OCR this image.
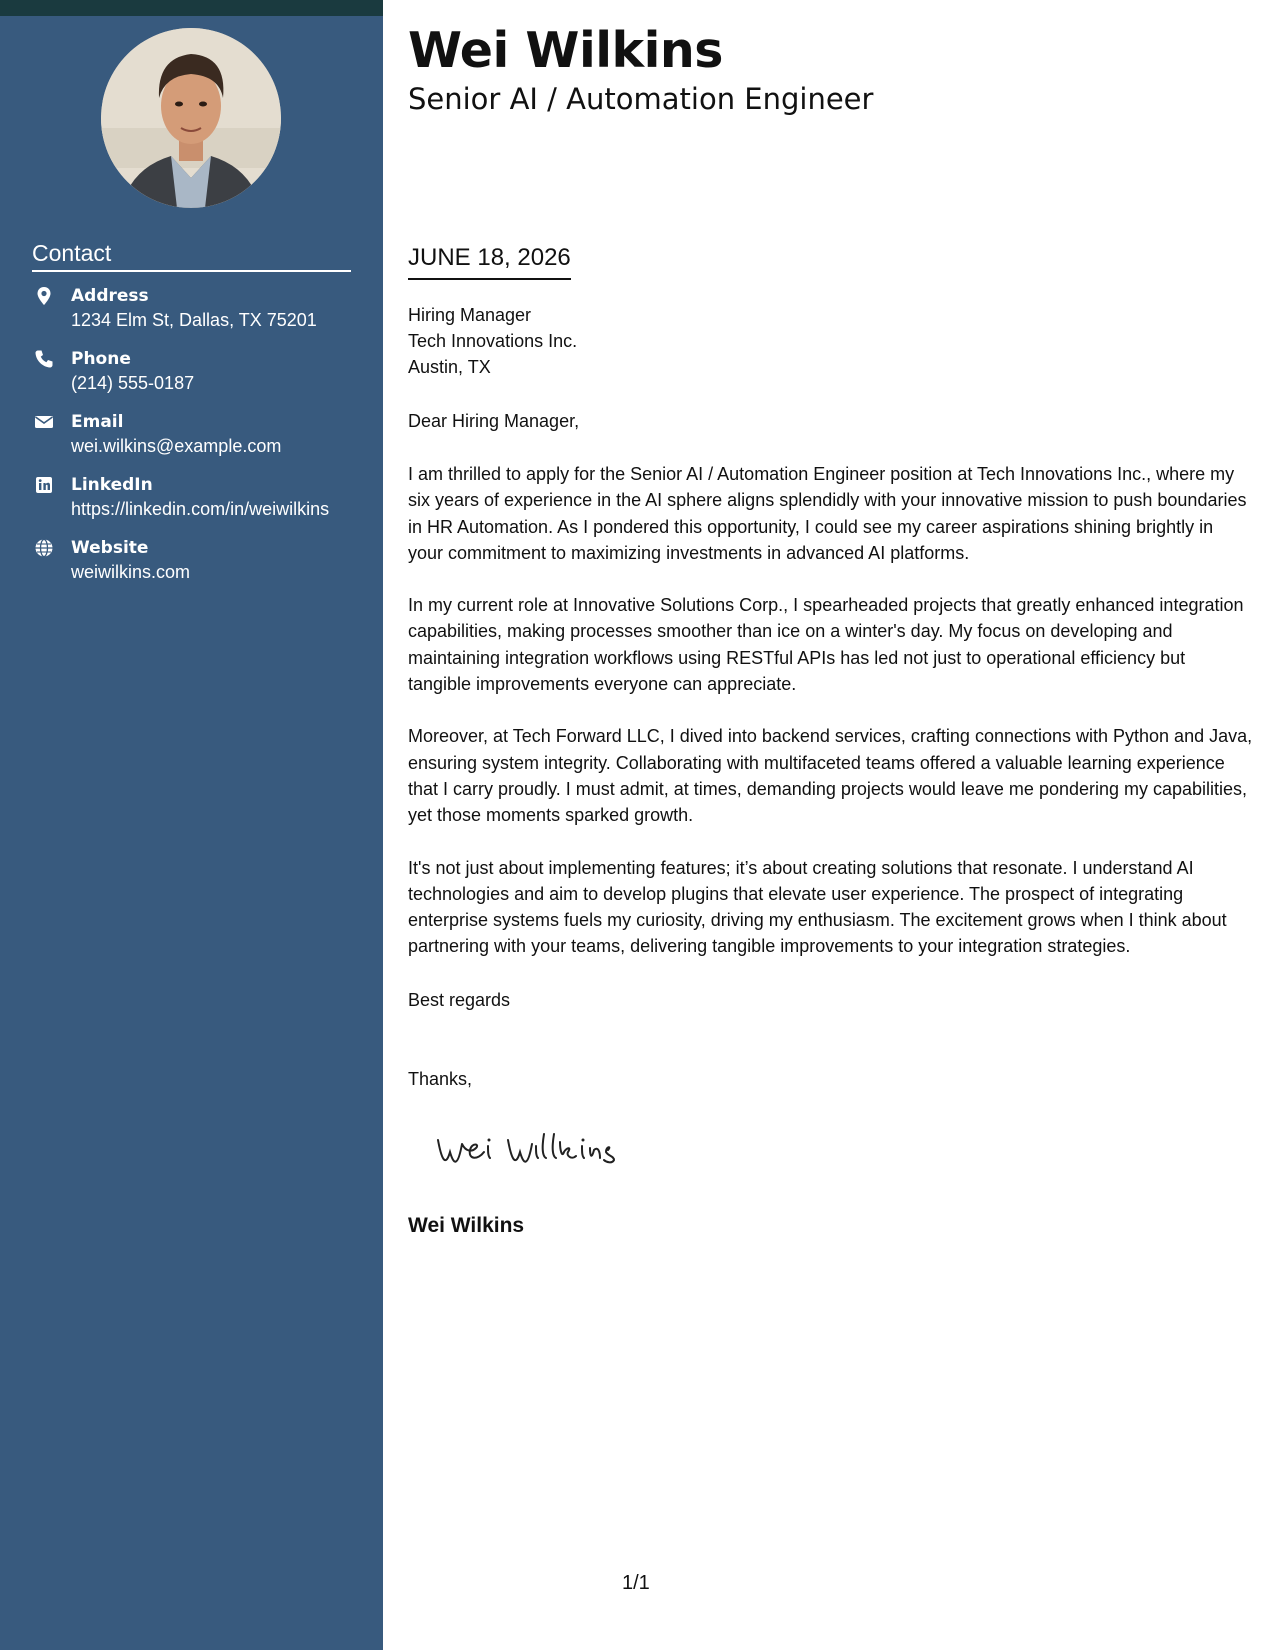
Contact
Address
1234 Elm St, Dallas, TX 75201
Phone
(214) 555-0187
Email
wei.wilkins@example.com
LinkedIn
https://linkedin.com/in/weiwilkins
Website
weiwilkins.com
Wei Wilkins
Senior AI / Automation Engineer
JUNE 18, 2026
Hiring Manager
Tech Innovations Inc.
Austin, TX
Dear Hiring Manager,

I am thrilled to apply for the Senior AI / Automation Engineer position at Tech Innovations Inc., where my six years of experience in the AI sphere aligns splendidly with your innovative mission to push boundaries in HR Automation. As I pondered this opportunity, I could see my career aspirations shining brightly in your commitment to maximizing investments in advanced AI platforms.

In my current role at Innovative Solutions Corp., I spearheaded projects that greatly enhanced integration capabilities, making processes smoother than ice on a winter's day. My focus on developing and maintaining integration workflows using RESTful APIs has led not just to operational efficiency but tangible improvements everyone can appreciate.

Moreover, at Tech Forward LLC, I dived into backend services, crafting connections with Python and Java, ensuring system integrity. Collaborating with multifaceted teams offered a valuable learning experience that I carry proudly. I must admit, at times, demanding projects would leave me pondering my capabilities, yet those moments sparked growth.

It's not just about implementing features; it’s about creating solutions that resonate. I understand AI technologies and aim to develop plugins that elevate user experience. The prospect of integrating enterprise systems fuels my curiosity, driving my enthusiasm. The excitement grows when I think about partnering with your teams, delivering tangible improvements to your integration strategies.

Best regards
Thanks,
Wei Wilkins
1/1
